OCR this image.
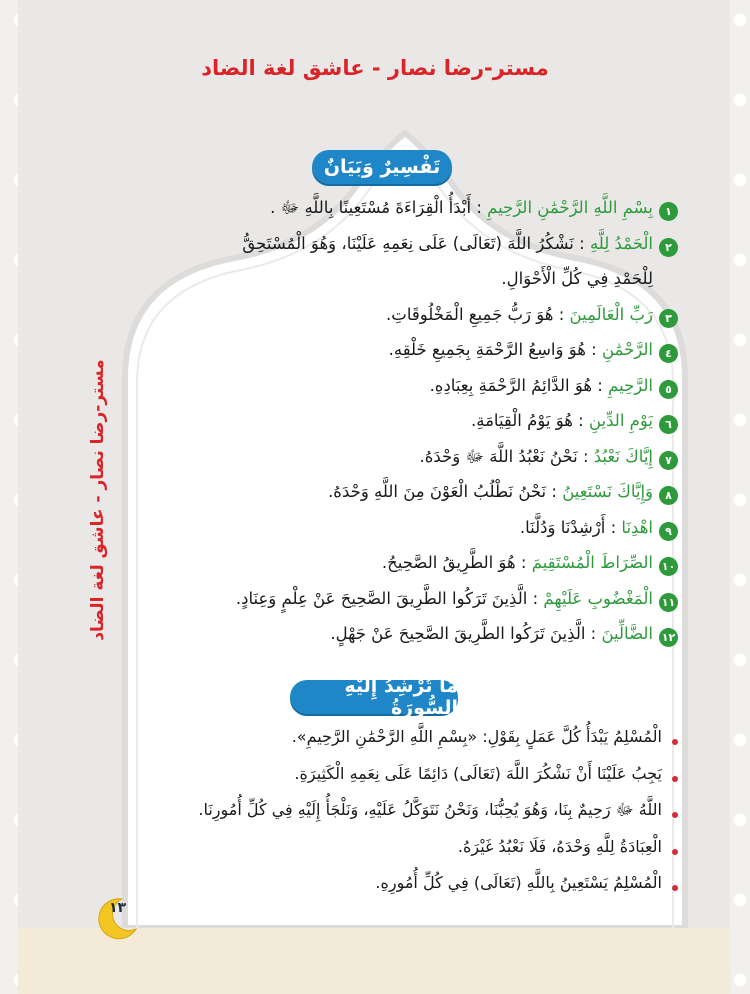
مستر-رضا نصار - عاشق لغة الضاد
مستر-رضا نصار - عاشق لغة الضاد
تَفْسِيرٌ وَبَيَانٌ
١
بِسْمِ اللَّهِ الرَّحْمَٰنِ الرَّحِيمِ

: أَبْدَأُ الْقِرَاءَةَ مُسْتَعِينًا بِاللَّهِ ﷻ .
٢
الْحَمْدُ لِلَّهِ

: نَشْكُرُ اللَّهَ (تَعَالَى) عَلَى نِعَمِهِ عَلَيْنَا، وَهُوَ الْمُسْتَحِقُّ
لِلْحَمْدِ فِي كُلِّ الْأَحْوَالِ.
٣
رَبِّ الْعَالَمِينَ

: هُوَ رَبُّ جَمِيعِ الْمَخْلُوقَاتِ.
٤
الرَّحْمَٰنِ

: هُوَ وَاسِعُ الرَّحْمَةِ بِجَمِيعِ خَلْقِهِ.
٥
الرَّحِيمِ

: هُوَ الدَّائِمُ الرَّحْمَةِ بِعِبَادِهِ.
٦
يَوْمِ الدِّينِ

: هُوَ يَوْمُ الْقِيَامَةِ.
٧
إِيَّاكَ نَعْبُدُ

: نَحْنُ نَعْبُدُ اللَّهَ ﷻ وَحْدَهُ.
٨
وَإِيَّاكَ نَسْتَعِينُ

: نَحْنُ نَطْلُبُ الْعَوْنَ مِنَ اللَّهِ وَحْدَهُ.
٩
اهْدِنَا

: أَرْشِدْنَا وَدُلَّنَا.
١٠
الصِّرَاطَ الْمُسْتَقِيمَ

: هُوَ الطَّرِيقُ الصَّحِيحُ.
١١
الْمَغْضُوبِ عَلَيْهِمْ

: الَّذِينَ تَرَكُوا الطَّرِيقَ الصَّحِيحَ عَنْ عِلْمٍ وَعِنَادٍ.
١٢
الضَّالِّينَ

: الَّذِينَ تَرَكُوا الطَّرِيقَ الصَّحِيحَ عَنْ جَهْلٍ.
مَا تُرْشِدُ إِلَيْهِ السُّورَةُ
الْمُسْلِمُ يَبْدَأُ كُلَّ عَمَلٍ بِقَوْلِ: «بِسْمِ اللَّهِ الرَّحْمَٰنِ الرَّحِيمِ».
يَجِبُ عَلَيْنَا أَنْ نَشْكُرَ اللَّهَ (تَعَالَى) دَائِمًا عَلَى نِعَمِهِ الْكَثِيرَةِ.
اللَّهُ ﷻ رَحِيمٌ بِنَا، وَهُوَ يُحِبُّنَا، وَنَحْنُ نَتَوَكَّلُ عَلَيْهِ، وَنَلْجَأُ إِلَيْهِ فِي كُلِّ أُمُورِنَا.
الْعِبَادَةُ لِلَّهِ وَحْدَهُ، فَلَا نَعْبُدُ غَيْرَهُ.
الْمُسْلِمُ يَسْتَعِينُ بِاللَّهِ (تَعَالَى) فِي كُلِّ أُمُورِهِ.
١٣
